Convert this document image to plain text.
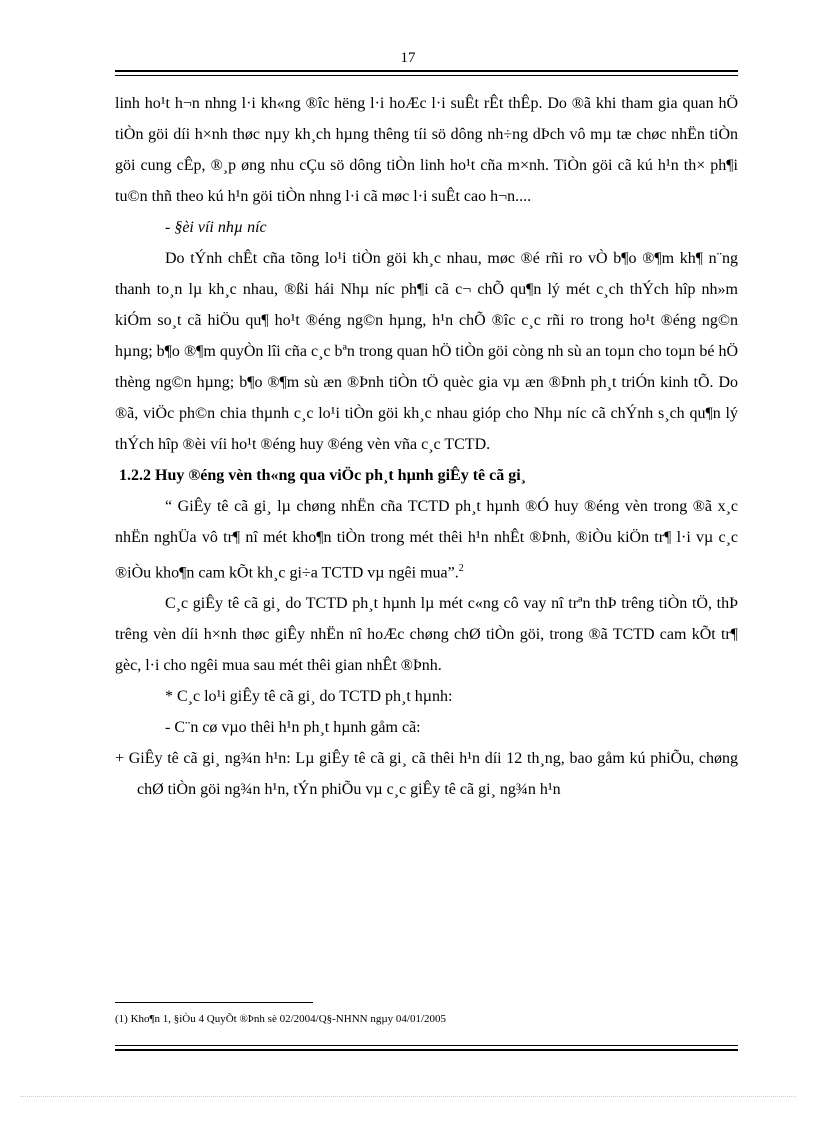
17

linh ho¹t h¬n nhng l·i kh«ng ®îc hëng l·i hoÆc l·i suÊt rÊt thÊp. Do ®ã khi tham gia quan hÖ tiÒn göi díi h×nh thøc nµy kh¸ch hµng thêng tíi sö dông nh÷ng dÞch vô mµ tæ chøc nhËn tiÒn göi cung cÊp, ®¸p øng nhu cÇu sö dông tiÒn linh ho¹t cña m×nh. TiÒn göi cã kú h¹n th× ph¶i tu©n thñ theo kú h¹n göi tiÒn nhng l·i cã møc l·i suÊt cao h¬n....

- §èi víi nhµ níc

Do tÝnh chÊt cña tõng lo¹i tiÒn göi kh¸c nhau, møc ®é rñi ro vÒ b¶o ®¶m kh¶ n¨ng thanh to¸n lµ kh¸c nhau, ®ßi hái Nhµ níc ph¶i cã c¬ chÕ qu¶n lý mét c¸ch thÝch hîp nh»m kiÓm so¸t cã hiÖu qu¶ ho¹t ®éng ng©n hµng, h¹n chÕ ®îc c¸c rñi ro trong ho¹t ®éng ng©n hµng; b¶o ®¶m quyÒn lîi cña c¸c bªn trong quan hÖ tiÒn göi còng nh sù an toµn cho toµn bé hÖ thèng ng©n hµng; b¶o ®¶m sù æn ®Þnh tiÒn tÖ quèc gia vµ æn ®Þnh ph¸t triÓn kinh tÕ. Do ®ã, viÖc ph©n chia thµnh c¸c lo¹i tiÒn göi kh¸c nhau gióp cho Nhµ níc cã chÝnh s¸ch qu¶n lý thÝch hîp ®èi víi ho¹t ®éng huy ®éng vèn vña c¸c TCTD.

1.2.2 Huy ®éng vèn th«ng qua viÖc ph¸t hµnh giÊy tê cã gi¸

“ GiÊy tê cã gi¸ lµ chøng nhËn cña TCTD ph¸t hµnh ®Ó huy ®éng vèn trong ®ã x¸c nhËn nghÜa vô tr¶ nî mét kho¶n tiÒn trong mét thêi h¹n nhÊt ®Þnh, ®iÒu kiÖn tr¶ l·i vµ c¸c ®iÒu kho¶n cam kÕt kh¸c gi÷a TCTD vµ ngêi mua”.$^2$

C¸c giÊy tê cã gi¸ do TCTD ph¸t hµnh lµ mét c«ng cô vay nî trªn thÞ trêng tiÒn tÖ, thÞ trêng vèn díi h×nh thøc giÊy nhËn nî hoÆc chøng chØ tiÒn göi, trong ®ã TCTD cam kÕt tr¶ gèc, l·i cho ngêi mua sau mét thêi gian nhÊt ®Þnh.

* C¸c lo¹i giÊy tê cã gi¸ do TCTD ph¸t hµnh:

- C¨n cø vµo thêi h¹n ph¸t hµnh gåm cã:

+ GiÊy tê cã gi¸ ng¾n h¹n: Lµ giÊy tê cã gi¸ cã thêi h¹n díi 12 th¸ng, bao gåm kú phiÕu, chøng chØ tiÒn göi ng¾n h¹n, tÝn phiÕu vµ c¸c giÊy tê cã gi¸ ng¾n h¹n

(1) Kho¶n 1, §iÒu 4 QuyÕt ®Þnh sè 02/2004/Q§-NHNN ngµy 04/01/2005
